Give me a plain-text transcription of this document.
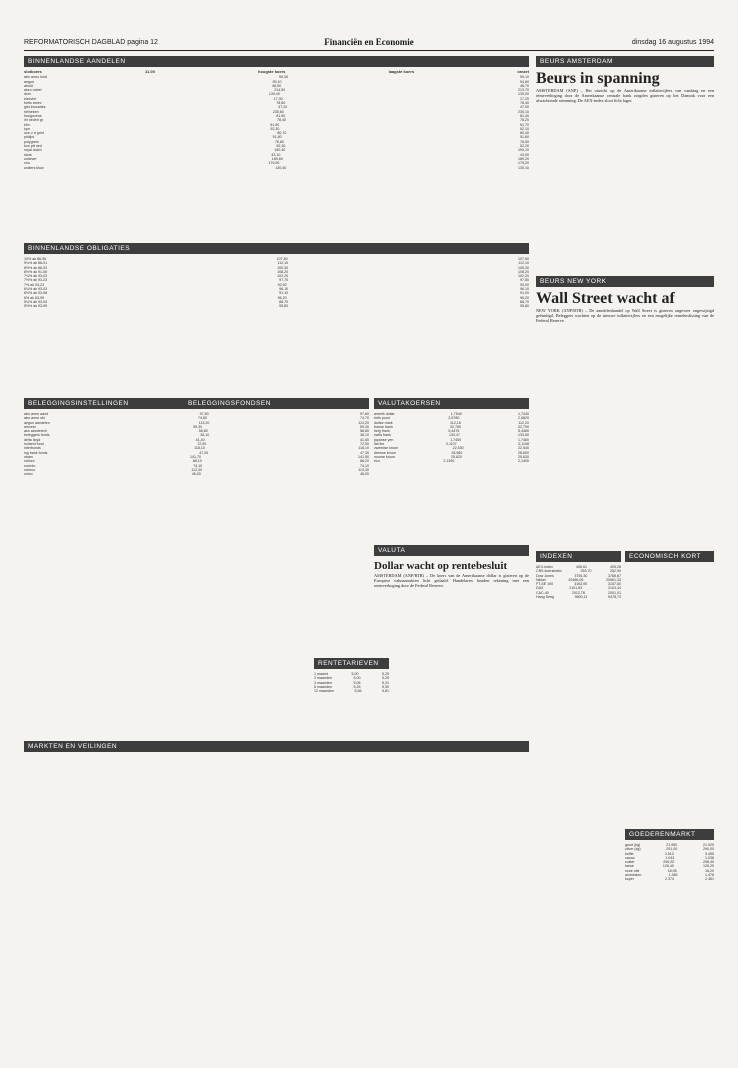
REFORMATORISCH DAGBLAD pagina 12	Financiën en Economie	dinsdag 16 augustus 1994
BINNENLANDSE AANDELEN
slotkoers	11.00	hoogste koers	laagste koers	omzet
abn amro hold	59,30	59,10
aegon	95,10	94,60
ahold	48,90	48,70
akzo nobel	214,50	213,70
dsm	139,40	139,00
elsevier	17,30	17,20
fortis amev	78,60	78,40
gist-brocades	47,20	47,00
heineken	235,80	235,10
hoogovens	81,50	81,40
int nederl gr	78,40	78,20
klm	51,90	51,70
kpn	52,30	52,10
oce-v d grint	80,70	80,40
philips	51,80	51,60
polygram	76,80	76,50
kon ptt ned	52,30	52,20
royal dutch	190,40	190,10
stork	43,10	43,00
unilever	189,60	189,20
vnu	179,50	179,20
wolters kluw	130,40	130,10
BINNENLANDSE OBLIGATIES
10% ak 86-96	107,60	107,60
9¾% ak 86-01	112,10	112,10
8½% ak 86-03	105,30	105,30
8½% ak 91-06	108,20	108,20
7¾% ak 93-03	102,20	102,20
7½% ak 93-23	97,70	97,80
7% ak 93-23	92,90	93,00
6¾% ak 93-03	96,10	96,10
6½% ak 93-08	91,10	91,00
6% ak 93-99	96,20	96,20
5¾% ak 93-04	88,70	88,70
5½% ak 93-99	95,80	95,80
BELEGGINGSINSTELLINGEN	BELEGGINGSFONDSEN
abn amro aand	97,50	97,60
abn amro obl	74,60	74,70
aegon aandelen	113,20	113,20
amvest	59,30	59,30
asn aandelenf	58,80	58,80
beleggers fonds	36,10	36,10
delta lloyd	41,40	41,50
holland fund	72,90	72,90
interbonds	118,10	118,10
ing bank fonds	47,20	47,30
obam	141,70	141,50
rolinco	88,10	88,20
rorento	74,10	74,10
robeco	113,30	113,30
unico	46,00	46,00
VALUTAKOERSEN
amerik dollar	1,7540	1,7440
brits pond	2,6780	2,6820
duitse mark	112,18	112,20
franse frank	32,780	32,790
belg frank	5,4475	5,4480
zwits frank	133,47	133,50
japanse yen	1,7450	1,7460
ital lire	0,1107	0,1108
zweedse kroon	22,530	22,540
deense kroon	28,580	28,600
noorse kroon	25,620	25,630
ecu	2,1390	2,1400
VALUTA
Dollar wacht op rentebesluit
AMSTERDAM (ANP/RTR) – De koers van de Amerikaanse dollar is gisteren op de Europese valutamarkten licht gedaald. Handelaren houden rekening met een renteverhoging door de Federal Reserve.
RENTETARIEVEN
1 maand	5,00	5,25
2 maanden	5,00	5,25
3 maanden	5,06	5,31
6 maanden	5,25	5,50
12 maanden	5,56	5,81
MARKTEN EN VEILINGEN
BEURS AMSTERDAM
Beurs in spanning
AMSTERDAM (ANP) – Het uitzicht op de Amerikaanse inflatiecijfers van vandaag en een renteverhoging door de Amerikaanse centrale bank zorgden gisteren op het Damrak voor een afwachtende stemming. De AEX-index sloot licht lager.
BEURS NEW YORK
Wall Street wacht af
NEW YORK (ANP/RTR) – De aandelenhandel op Wall Street is gisteren ongeveer ongewijzigd geëindigd. Beleggers wachten op de nieuwe inflatiecijfers en een mogelijke rentebeslissing van de Federal Reserve.
INDEXEN
AEX-index	406,61	405,28
CBS-koersindex	253,70	252,90
Dow Jones	3755,30	3768,67
Nikkei	20486,06	20561,33
FT-SE 100	3163,90	3157,60
DAX	2101,53	2103,44
CAC-40	2012,78	2001,01
Hang Seng	9500,11	9478,73
ECONOMISCH KORT
GOEDERENMARKT
goud (kg)	21.950	21.920
zilver (kg)	291,00	290,00
koffie	3.510	3.495
cacao	1.043	1.038
suiker	299,20	298,40
tarwe	126,40	126,25
ruwe olie	18,05	18,20
aluminium	1.480	1.476
koper	2.374	2.361
